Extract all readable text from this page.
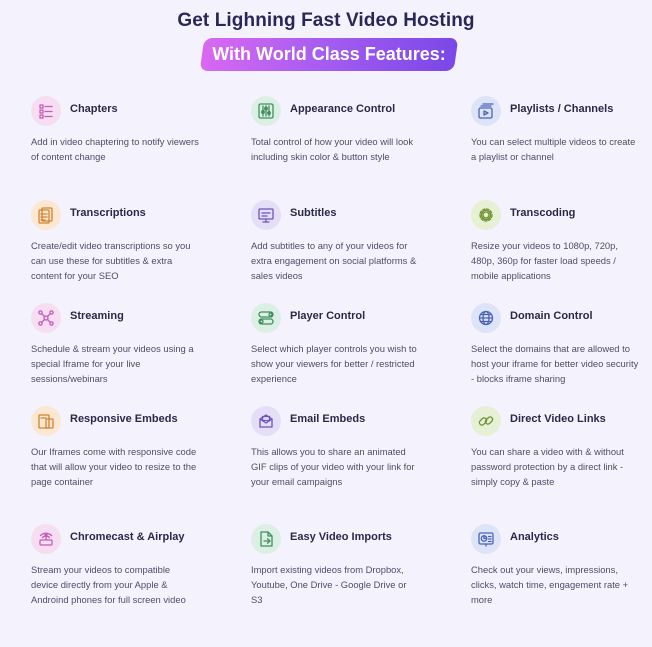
Get Lighning Fast Video Hosting
With World Class Features:
Chapters
Add in video chaptering to notify viewers of content change
Appearance Control
Total control of how your video will look including skin color & button style
Playlists / Channels
You can select multiple videos to create a playlist or channel
Transcriptions
Create/edit video transcriptions so you can use these for subtitles & extra content for your SEO
Subtitles
Add subtitles to any of your videos for extra engagement on social platforms & sales videos
Transcoding
Resize your videos to 1080p, 720p, 480p, 360p for faster load speeds / mobile applications
Streaming
Schedule & stream your videos using a special Iframe for your live sessions/webinars
Player Control
Select which player controls you wish to show your viewers for better / restricted experience
Domain Control
Select the domains that are allowed to host your iframe for better video security - blocks iframe sharing
Responsive Embeds
Our Iframes come with responsive code that will allow your video to resize to the page container
Email Embeds
This allows you to share an animated GIF clips of your video with your link for your email campaigns
Direct Video Links
You can share a video with & without password protection by a direct link - simply copy & paste
Chromecast & Airplay
Stream your videos to compatible device directly from your Apple & Androind phones for full screen video
Easy Video Imports
Import existing videos from Dropbox, Youtube, One Drive - Google Drive or S3
Analytics
Check out your views, impressions, clicks, watch time, engagement rate + more
